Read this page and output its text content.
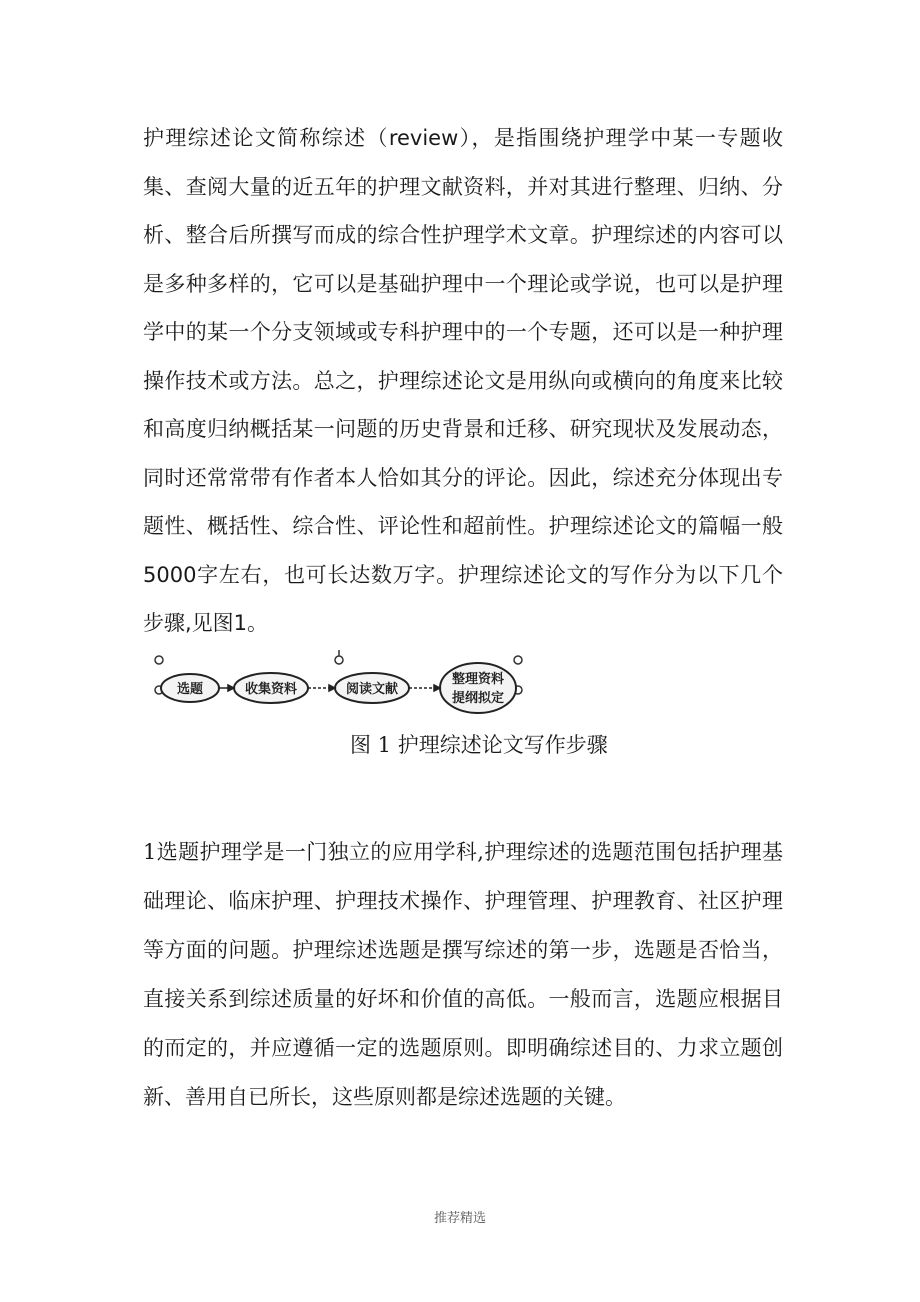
护理综述论文简称综述（review），是指围绕护理学中某一专题收集、查阅大量的近五年的护理文献资料，并对其进行整理、归纳、分析、整合后所撰写而成的综合性护理学术文章。护理综述的内容可以是多种多样的，它可以是基础护理中一个理论或学说，也可以是护理学中的某一个分支领域或专科护理中的一个专题，还可以是一种护理操作技术或方法。总之，护理综述论文是用纵向或横向的角度来比较和高度归纳概括某一问题的历史背景和迁移、研究现状及发展动态，同时还常常带有作者本人恰如其分的评论。因此，综述充分体现出专题性、概括性、综合性、评论性和超前性。护理综述论文的篇幅一般5000字左右，也可长达数万字。护理综述论文的写作分为以下几个步骤,见图1。

选题	收集资料	阅读文献
整理资料
提纲拟定
图 1 护理综述论文写作步骤

1选题护理学是一门独立的应用学科,护理综述的选题范围包括护理基础理论、临床护理、护理技术操作、护理管理、护理教育、社区护理等方面的问题。护理综述选题是撰写综述的第一步，选题是否恰当，直接关系到综述质量的好坏和价值的高低。一般而言，选题应根据目的而定的，并应遵循一定的选题原则。即明确综述目的、力求立题创新、善用自已所长，这些原则都是综述选题的关键。

推荐精选
